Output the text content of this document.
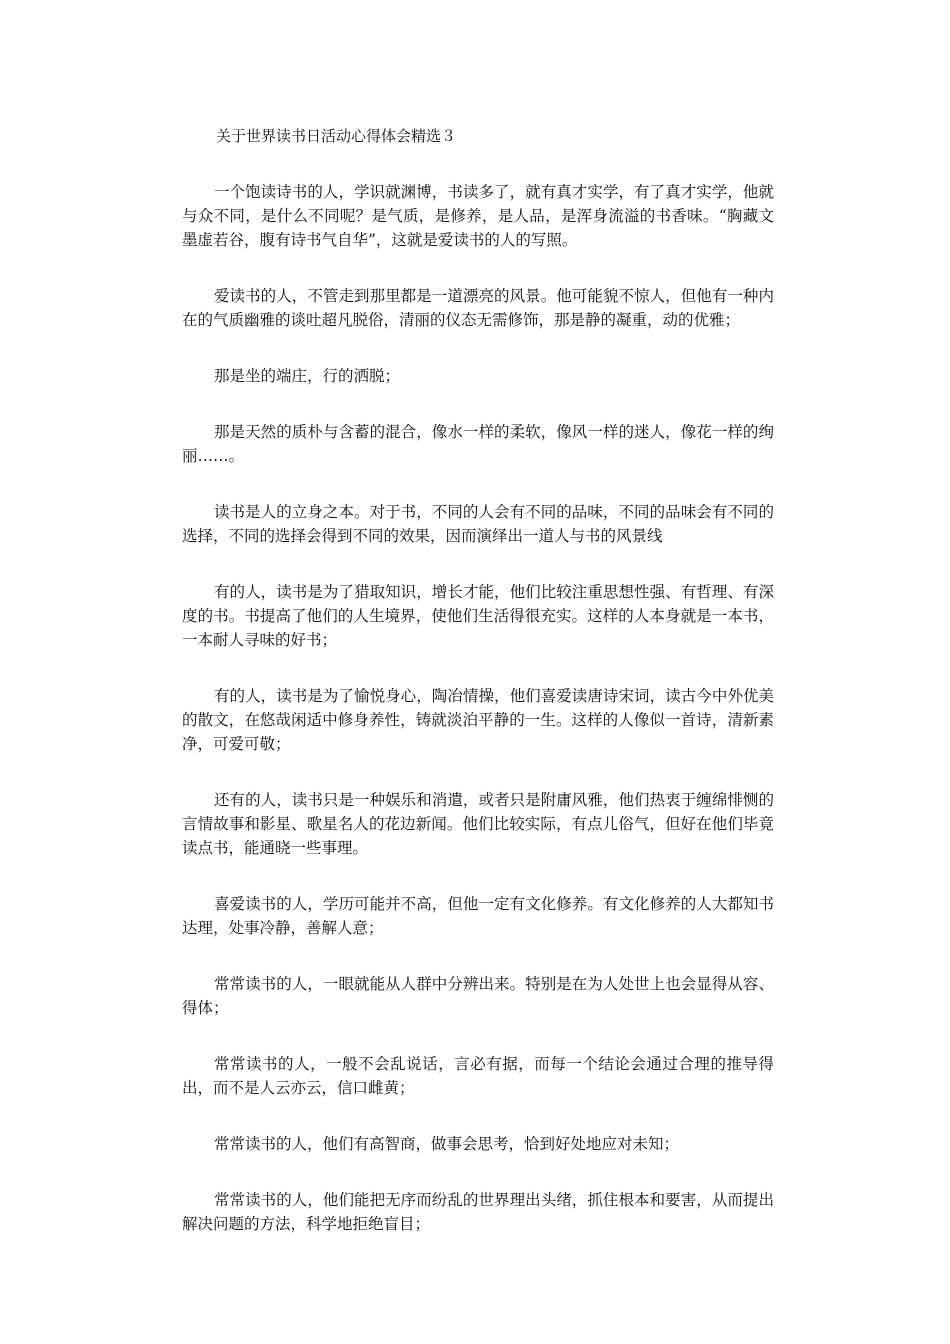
关于世界读书日活动心得体会精选３

一个饱读诗书的人，学识就渊博，书读多了，就有真才实学，有了真才实学，他就与众不同，是什么不同呢？是气质，是修养，是人品，是浑身流溢的书香味。“胸藏文墨虚若谷，腹有诗书气自华”，这就是爱读书的人的写照。

爱读书的人，不管走到那里都是一道漂亮的风景。他可能貌不惊人，但他有一种内在的气质幽雅的谈吐超凡脱俗，清丽的仪态无需修饰，那是静的凝重，动的优雅；

那是坐的端庄，行的洒脱；

那是天然的质朴与含蓄的混合，像水一样的柔软，像风一样的迷人，像花一样的绚丽……。

读书是人的立身之本。对于书，不同的人会有不同的品味，不同的品味会有不同的选择，不同的选择会得到不同的效果，因而演绎出一道人与书的风景线

有的人，读书是为了猎取知识，增长才能，他们比较注重思想性强、有哲理、有深度的书。书提高了他们的人生境界，使他们生活得很充实。这样的人本身就是一本书，一本耐人寻味的好书；

有的人，读书是为了愉悦身心，陶冶情操，他们喜爱读唐诗宋词，读古今中外优美的散文，在悠哉闲适中修身养性，铸就淡泊平静的一生。这样的人像似一首诗，清新素净，可爱可敬；

还有的人，读书只是一种娱乐和消遣，或者只是附庸风雅，他们热衷于缠绵悱恻的言情故事和影星、歌星名人的花边新闻。他们比较实际，有点儿俗气，但好在他们毕竟读点书，能通晓一些事理。

喜爱读书的人，学历可能并不高，但他一定有文化修养。有文化修养的人大都知书达理，处事冷静，善解人意；

常常读书的人，一眼就能从人群中分辨出来。特别是在为人处世上也会显得从容、得体；

常常读书的人，一般不会乱说话，言必有据，而每一个结论会通过合理的推导得出，而不是人云亦云，信口雌黄；

常常读书的人，他们有高智商，做事会思考，恰到好处地应对未知；

常常读书的人，他们能把无序而纷乱的世界理出头绪，抓住根本和要害，从而提出解决问题的方法，科学地拒绝盲目；
